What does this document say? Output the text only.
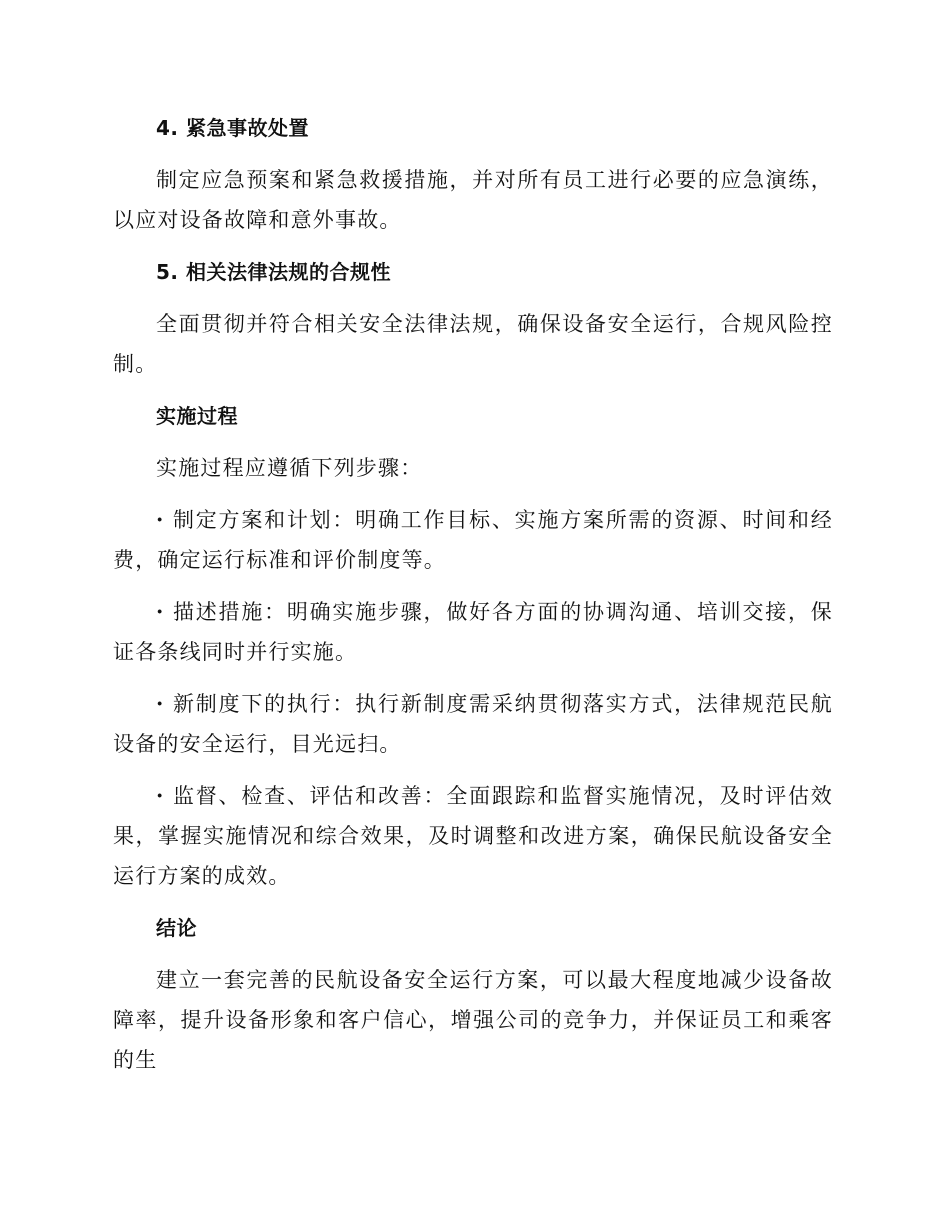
4. 紧急事故处置
制定应急预案和紧急救援措施，并对所有员工进行必要的应急演练，以应对设备故障和意外事故。
5. 相关法律法规的合规性
全面贯彻并符合相关安全法律法规，确保设备安全运行，合规风险控制。
实施过程
实施过程应遵循下列步骤：
· 制定方案和计划：明确工作目标、实施方案所需的资源、时间和经费，确定运行标准和评价制度等。
· 描述措施：明确实施步骤，做好各方面的协调沟通、培训交接，保证各条线同时并行实施。
· 新制度下的执行：执行新制度需采纳贯彻落实方式，法律规范民航设备的安全运行，目光远扫。
· 监督、检查、评估和改善：全面跟踪和监督实施情况，及时评估效果，掌握实施情况和综合效果，及时调整和改进方案，确保民航设备安全运行方案的成效。
结论
建立一套完善的民航设备安全运行方案，可以最大程度地减少设备故障率，提升设备形象和客户信心，增强公司的竞争力，并保证员工和乘客的生
